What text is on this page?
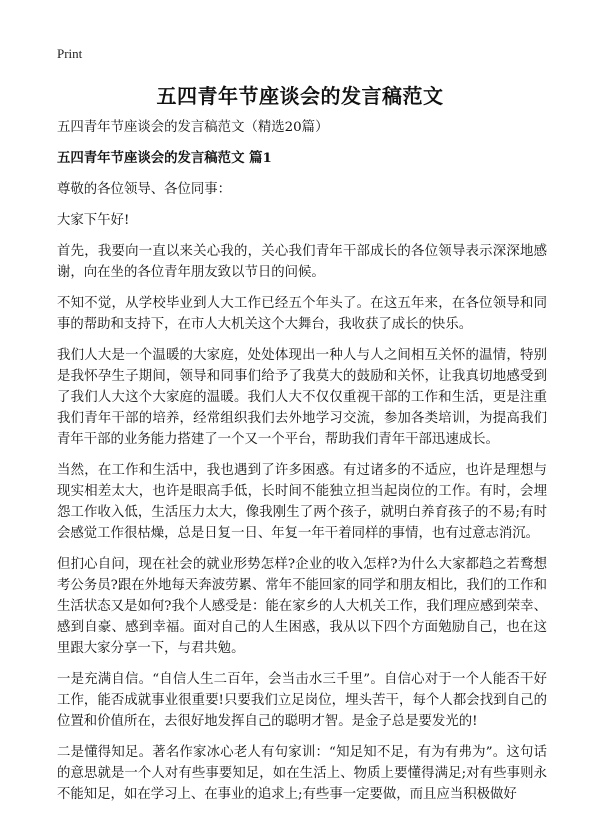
Print
五四青年节座谈会的发言稿范文

五四青年节座谈会的发言稿范文（精选20篇）

五四青年节座谈会的发言稿范文 篇1

尊敬的各位领导、各位同事：

大家下午好!

首先，我要向一直以来关心我的，关心我们青年干部成长的各位领导表示深深地感谢，向在坐的各位青年朋友致以节日的问候。

不知不觉，从学校毕业到人大工作已经五个年头了。在这五年来，在各位领导和同事的帮助和支持下，在市人大机关这个大舞台，我收获了成长的快乐。

我们人大是一个温暖的大家庭，处处体现出一种人与人之间相互关怀的温情，特别是我怀孕生子期间，领导和同事们给予了我莫大的鼓励和关怀，让我真切地感受到了我们人大这个大家庭的温暖。我们人大不仅仅重视干部的工作和生活，更是注重我们青年干部的培养，经常组织我们去外地学习交流，参加各类培训，为提高我们青年干部的业务能力搭建了一个又一个平台，帮助我们青年干部迅速成长。

当然，在工作和生活中，我也遇到了许多困惑。有过诸多的不适应，也许是理想与现实相差太大，也许是眼高手低，长时间不能独立担当起岗位的工作。有时，会埋怨工作收入低，生活压力太大，像我刚生了两个孩子，就明白养育孩子的不易;有时会感觉工作很枯燥，总是日复一日、年复一年干着同样的事情，也有过意志消沉。

但扪心自问，现在社会的就业形势怎样?企业的收入怎样?为什么大家都趋之若鹜想考公务员?跟在外地每天奔波劳累、常年不能回家的同学和朋友相比，我们的工作和生活状态又是如何?我个人感受是：能在家乡的人大机关工作，我们理应感到荣幸、感到自豪、感到幸福。面对自己的人生困惑，我从以下四个方面勉励自己，也在这里跟大家分享一下，与君共勉。

一是充满自信。“自信人生二百年，会当击水三千里”。自信心对于一个人能否干好工作，能否成就事业很重要!只要我们立足岗位，埋头苦干，每个人都会找到自己的位置和价值所在，去很好地发挥自己的聪明才智。是金子总是要发光的!

二是懂得知足。著名作家冰心老人有句家训：“知足知不足，有为有弗为”。这句话的意思就是一个人对有些事要知足，如在生活上、物质上要懂得满足;对有些事则永不能知足，如在学习上、在事业的追求上;有些事一定要做，而且应当积极做好
